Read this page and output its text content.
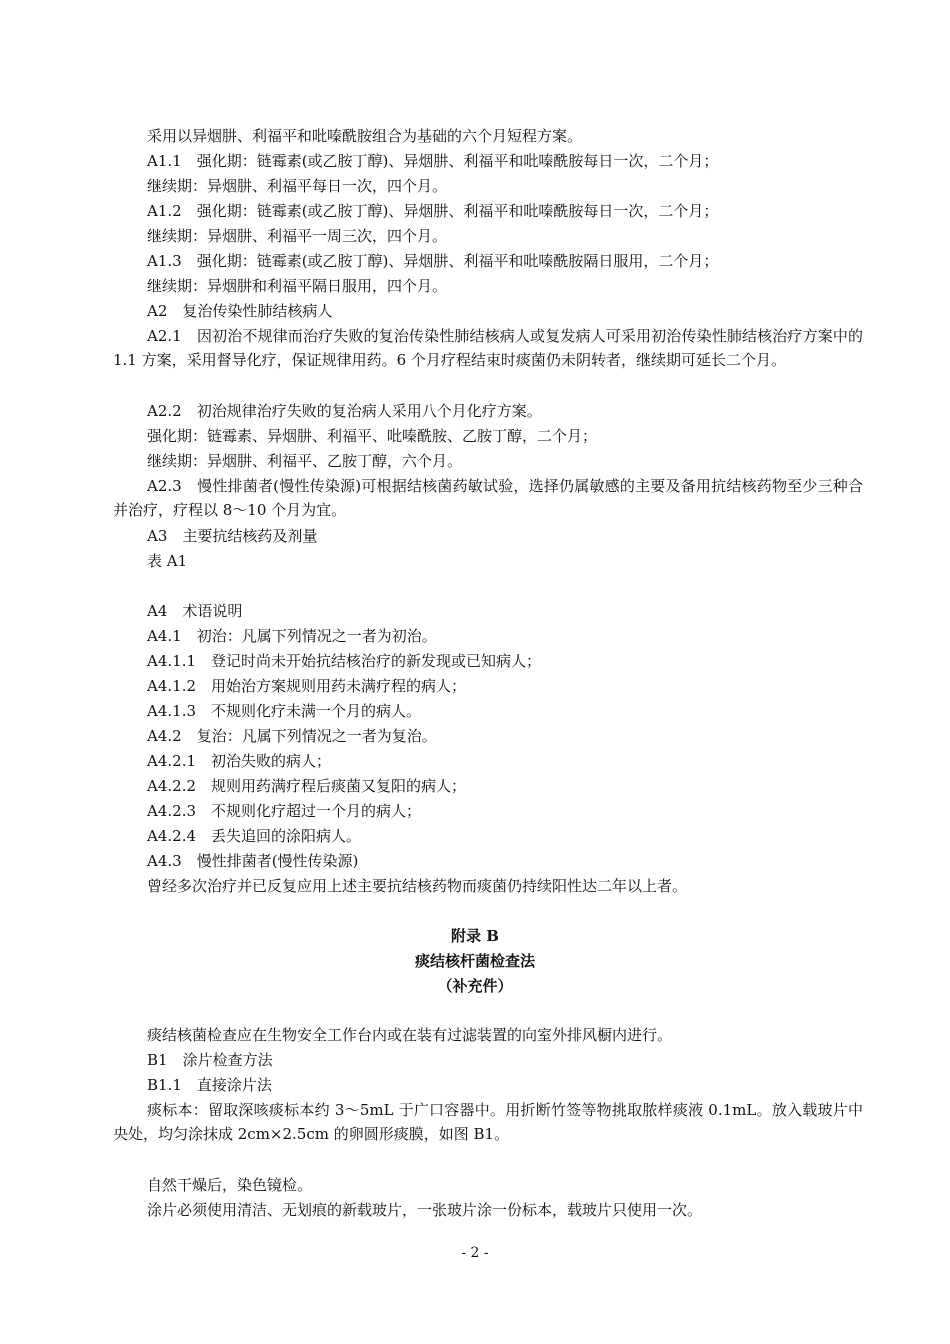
采用以异烟肼、利福平和吡嗪酰胺组合为基础的六个月短程方案。
A1.1　强化期：链霉素(或乙胺丁醇)、异烟肼、利福平和吡嗪酰胺每日一次，二个月；
继续期：异烟肼、利福平每日一次，四个月。
A1.2　强化期：链霉素(或乙胺丁醇)、异烟肼、利福平和吡嗪酰胺每日一次，二个月；
继续期：异烟肼、利福平一周三次，四个月。
A1.3　强化期：链霉素(或乙胺丁醇)、异烟肼、利福平和吡嗪酰胺隔日服用，二个月；
继续期：异烟肼和利福平隔日服用，四个月。
A2　复治传染性肺结核病人
A2.1　因初治不规律而治疗失败的复治传染性肺结核病人或复发病人可采用初治传染性肺结核治疗方案中的 1.1 方案，采用督导化疗，保证规律用药。6 个月疗程结束时痰菌仍未阴转者，继续期可延长二个月。
A2.2　初治规律治疗失败的复治病人采用八个月化疗方案。
强化期：链霉素、异烟肼、利福平、吡嗪酰胺、乙胺丁醇，二个月；
继续期：异烟肼、利福平、乙胺丁醇，六个月。
A2.3　慢性排菌者(慢性传染源)可根据结核菌药敏试验，选择仍属敏感的主要及备用抗结核药物至少三种合并治疗，疗程以 8～10 个月为宜。
A3　主要抗结核药及剂量
表 A1
A4　术语说明
A4.1　初治：凡属下列情况之一者为初治。
A4.1.1　登记时尚未开始抗结核治疗的新发现或已知病人；
A4.1.2　用始治方案规则用药未满疗程的病人；
A4.1.3　不规则化疗未满一个月的病人。
A4.2　复治：凡属下列情况之一者为复治。
A4.2.1　初治失败的病人；
A4.2.2　规则用药满疗程后痰菌又复阳的病人；
A4.2.3　不规则化疗超过一个月的病人；
A4.2.4　丢失追回的涂阳病人。
A4.3　慢性排菌者(慢性传染源)
曾经多次治疗并已反复应用上述主要抗结核药物而痰菌仍持续阳性达二年以上者。
附录 B
痰结核杆菌检查法
（补充件）
痰结核菌检查应在生物安全工作台内或在装有过滤装置的向室外排风橱内进行。
B1　涂片检查方法
B1.1　直接涂片法
痰标本：留取深咳痰标本约 3～5mL 于广口容器中。用折断竹签等物挑取脓样痰液 0.1mL。放入载玻片中央处，均匀涂抹成 2cm×2.5cm 的卵圆形痰膜，如图 B1。
自然干燥后，染色镜检。
涂片必须使用清洁、无划痕的新载玻片，一张玻片涂一份标本，载玻片只使用一次。
- 2 -
